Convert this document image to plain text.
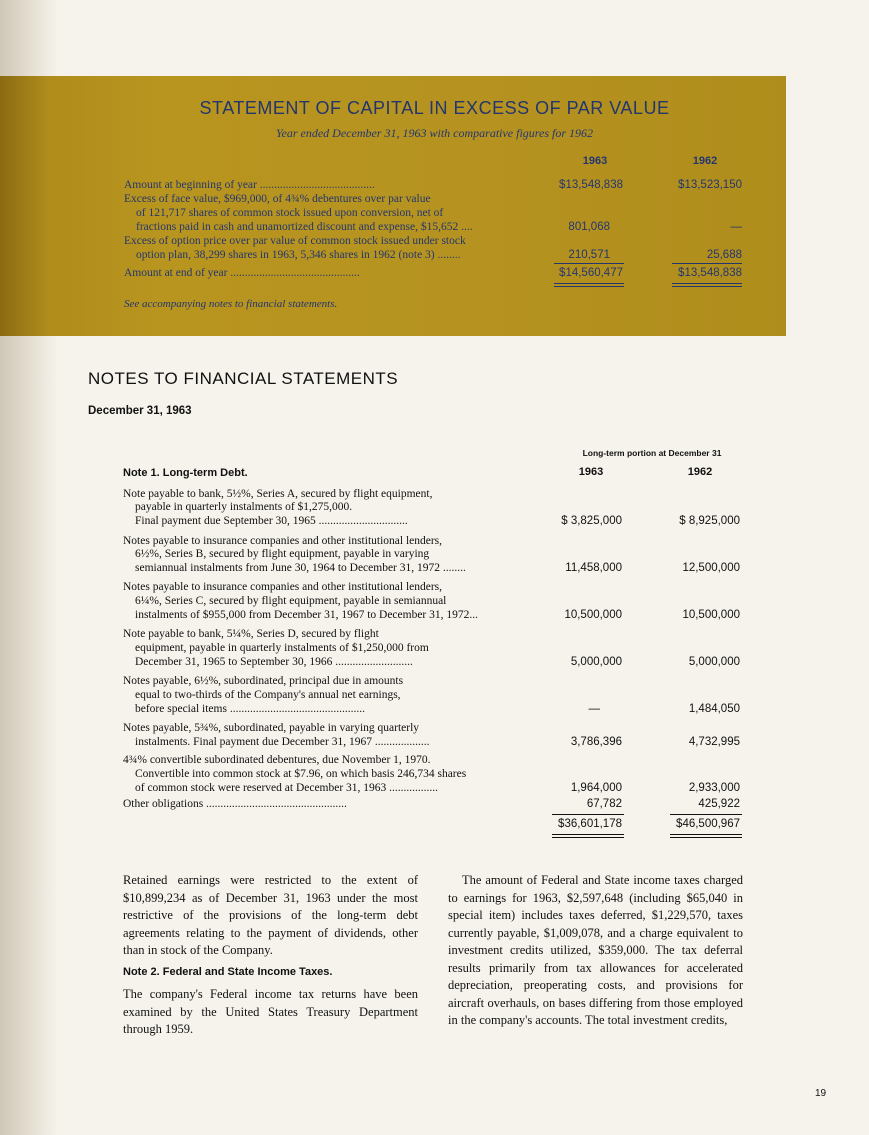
STATEMENT OF CAPITAL IN EXCESS OF PAR VALUE
Year ended December 31, 1963 with comparative figures for 1962
1963	1962
Amount at beginning of year ........................................	$13,548,838	$13,523,150
Excess of face value, $969,000, of 4¾% debentures over par value
of 121,717 shares of common stock issued upon conversion, net of
fractions paid in cash and unamortized discount and expense, $15,652 ....	801,068	—
Excess of option price over par value of common stock issued under stock
option plan, 38,299 shares in 1963, 5,346 shares in 1962 (note 3) ........	210,571	25,688
Amount at end of year .............................................	$14,560,477	$13,548,838
See accompanying notes to financial statements.
NOTES TO FINANCIAL STATEMENTS
December 31, 1963
Long-term portion at December 31
1963	1962
Note 1. Long-term Debt.
Note payable to bank, 5½%, Series A, secured by flight equipment,
payable in quarterly instalments of $1,275,000.
Final payment due September 30, 1965 ...............................	$ 3,825,000	$ 8,925,000
Notes payable to insurance companies and other institutional lenders,
6½%, Series B, secured by flight equipment, payable in varying
semiannual instalments from June 30, 1964 to December 31, 1972 ........	11,458,000	12,500,000
Notes payable to insurance companies and other institutional lenders,
6¼%, Series C, secured by flight equipment, payable in semiannual
instalments of $955,000 from December 31, 1967 to December 31, 1972...	10,500,000	10,500,000
Note payable to bank, 5¼%, Series D, secured by flight
equipment, payable in quarterly instalments of $1,250,000 from
December 31, 1965 to September 30, 1966 ...........................	5,000,000	5,000,000
Notes payable, 6½%, subordinated, principal due in amounts
equal to two-thirds of the Company's annual net earnings,
before special items ...............................................	—	1,484,050
Notes payable, 5¾%, subordinated, payable in varying quarterly
instalments. Final payment due December 31, 1967 ...................	3,786,396	4,732,995
4¾% convertible subordinated debentures, due November 1, 1970.
Convertible into common stock at $7.96, on which basis 246,734 shares
of common stock were reserved at December 31, 1963 .................	1,964,000	2,933,000
Other obligations .................................................	67,782	425,922
$36,601,178	$46,500,967
Retained earnings were restricted to the extent of $10,899,234 as of December 31, 1963 under the most restrictive of the provisions of the long-term debt agreements relating to the payment of dividends, other than in stock of the Company.
Note 2. Federal and State Income Taxes.
The company's Federal income tax returns have been examined by the United States Treasury Department through 1959.
The amount of Federal and State income taxes charged to earnings for 1963, $2,597,648 (including $65,040 in special item) includes taxes deferred, $1,229,570, taxes currently payable, $1,009,078, and a charge equivalent to investment credits utilized, $359,000. The tax deferral results primarily from tax allowances for accelerated depreciation, preoperating costs, and provisions for aircraft overhauls, on bases differing from those employed in the company's accounts. The total investment credits,
19
